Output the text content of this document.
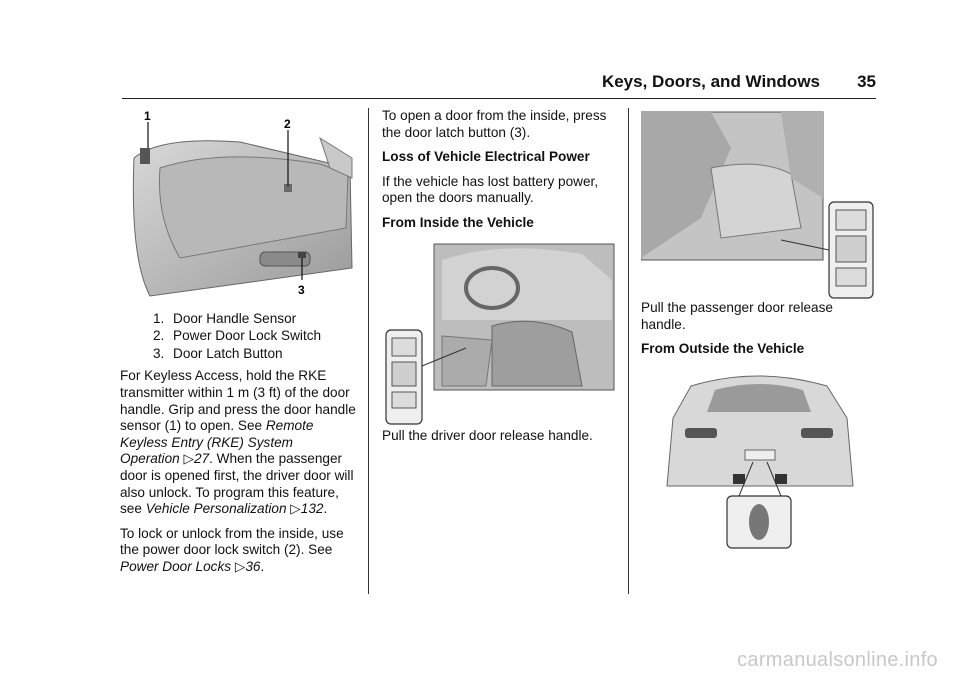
Keys, Doors, and Windows 35
1
2
3
1. Door Handle Sensor
2. Power Door Lock Switch
3. Door Latch Button

For Keyless Access, hold the RKE transmitter within 1 m (3 ft) of the door handle. Grip and press the door handle sensor (1) to open. See Remote Keyless Entry (RKE) System Operation ▷27. When the passenger door is opened first, the driver door will also unlock. To program this feature, see Vehicle Personalization ▷132.

To lock or unlock from the inside, use the power door lock switch (2). See Power Door Locks ▷36.

To open a door from the inside, press the door latch button (3).

Loss of Vehicle Electrical Power

If the vehicle has lost battery power, open the doors manually.

From Inside the Vehicle

Pull the driver door release handle.

Pull the passenger door release handle.

From Outside the Vehicle

carmanualsonline.info
